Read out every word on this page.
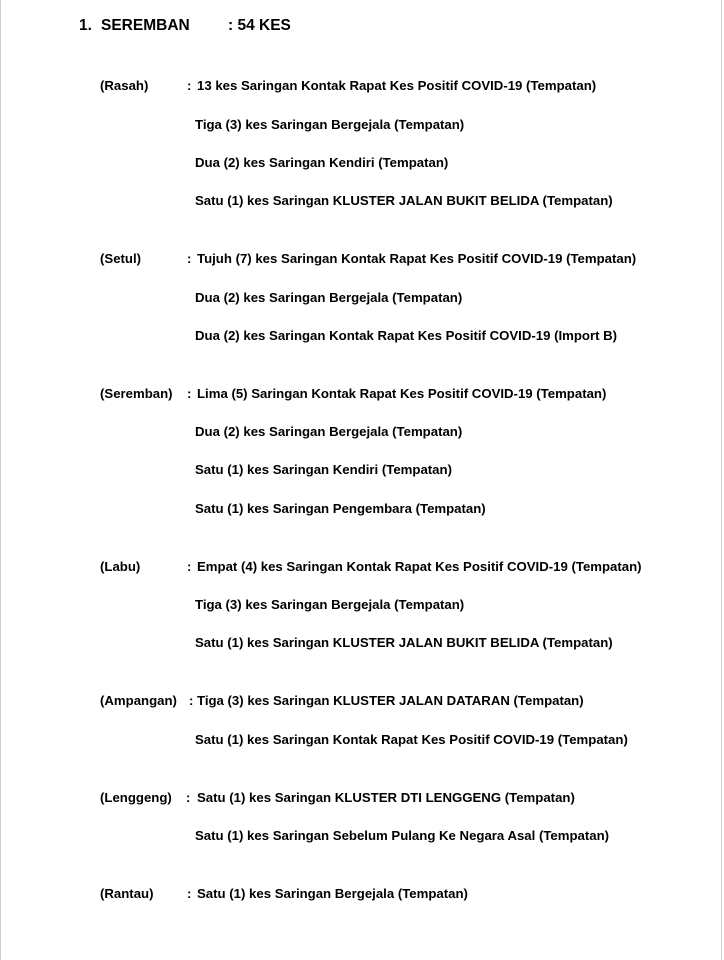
1. SEREMBAN : 54 KES
(Rasah)	: 13 kes Saringan Kontak Rapat Kes Positif COVID-19 (Tempatan)
Tiga (3) kes Saringan Bergejala (Tempatan)
Dua (2) kes Saringan Kendiri (Tempatan)
Satu (1) kes Saringan KLUSTER JALAN BUKIT BELIDA (Tempatan)
(Setul)	: Tujuh (7) kes Saringan Kontak Rapat Kes Positif COVID-19 (Tempatan)
Dua (2) kes Saringan Bergejala (Tempatan)
Dua (2) kes Saringan Kontak Rapat Kes Positif COVID-19 (Import B)
(Seremban) : Lima (5) Saringan Kontak Rapat Kes Positif COVID-19 (Tempatan)
Dua (2) kes Saringan Bergejala (Tempatan)
Satu (1) kes Saringan Kendiri (Tempatan)
Satu (1) kes Saringan Pengembara (Tempatan)
(Labu)	: Empat (4) kes Saringan Kontak Rapat Kes Positif COVID-19 (Tempatan)
Tiga (3) kes Saringan Bergejala (Tempatan)
Satu (1) kes Saringan KLUSTER JALAN BUKIT BELIDA (Tempatan)
(Ampangan) : Tiga (3) kes Saringan KLUSTER JALAN DATARAN (Tempatan)
Satu (1) kes Saringan Kontak Rapat Kes Positif COVID-19 (Tempatan)
(Lenggeng) : Satu (1) kes Saringan KLUSTER DTI LENGGENG (Tempatan)
Satu (1) kes Saringan Sebelum Pulang Ke Negara Asal (Tempatan)
(Rantau)	: Satu (1) kes Saringan Bergejala (Tempatan)
